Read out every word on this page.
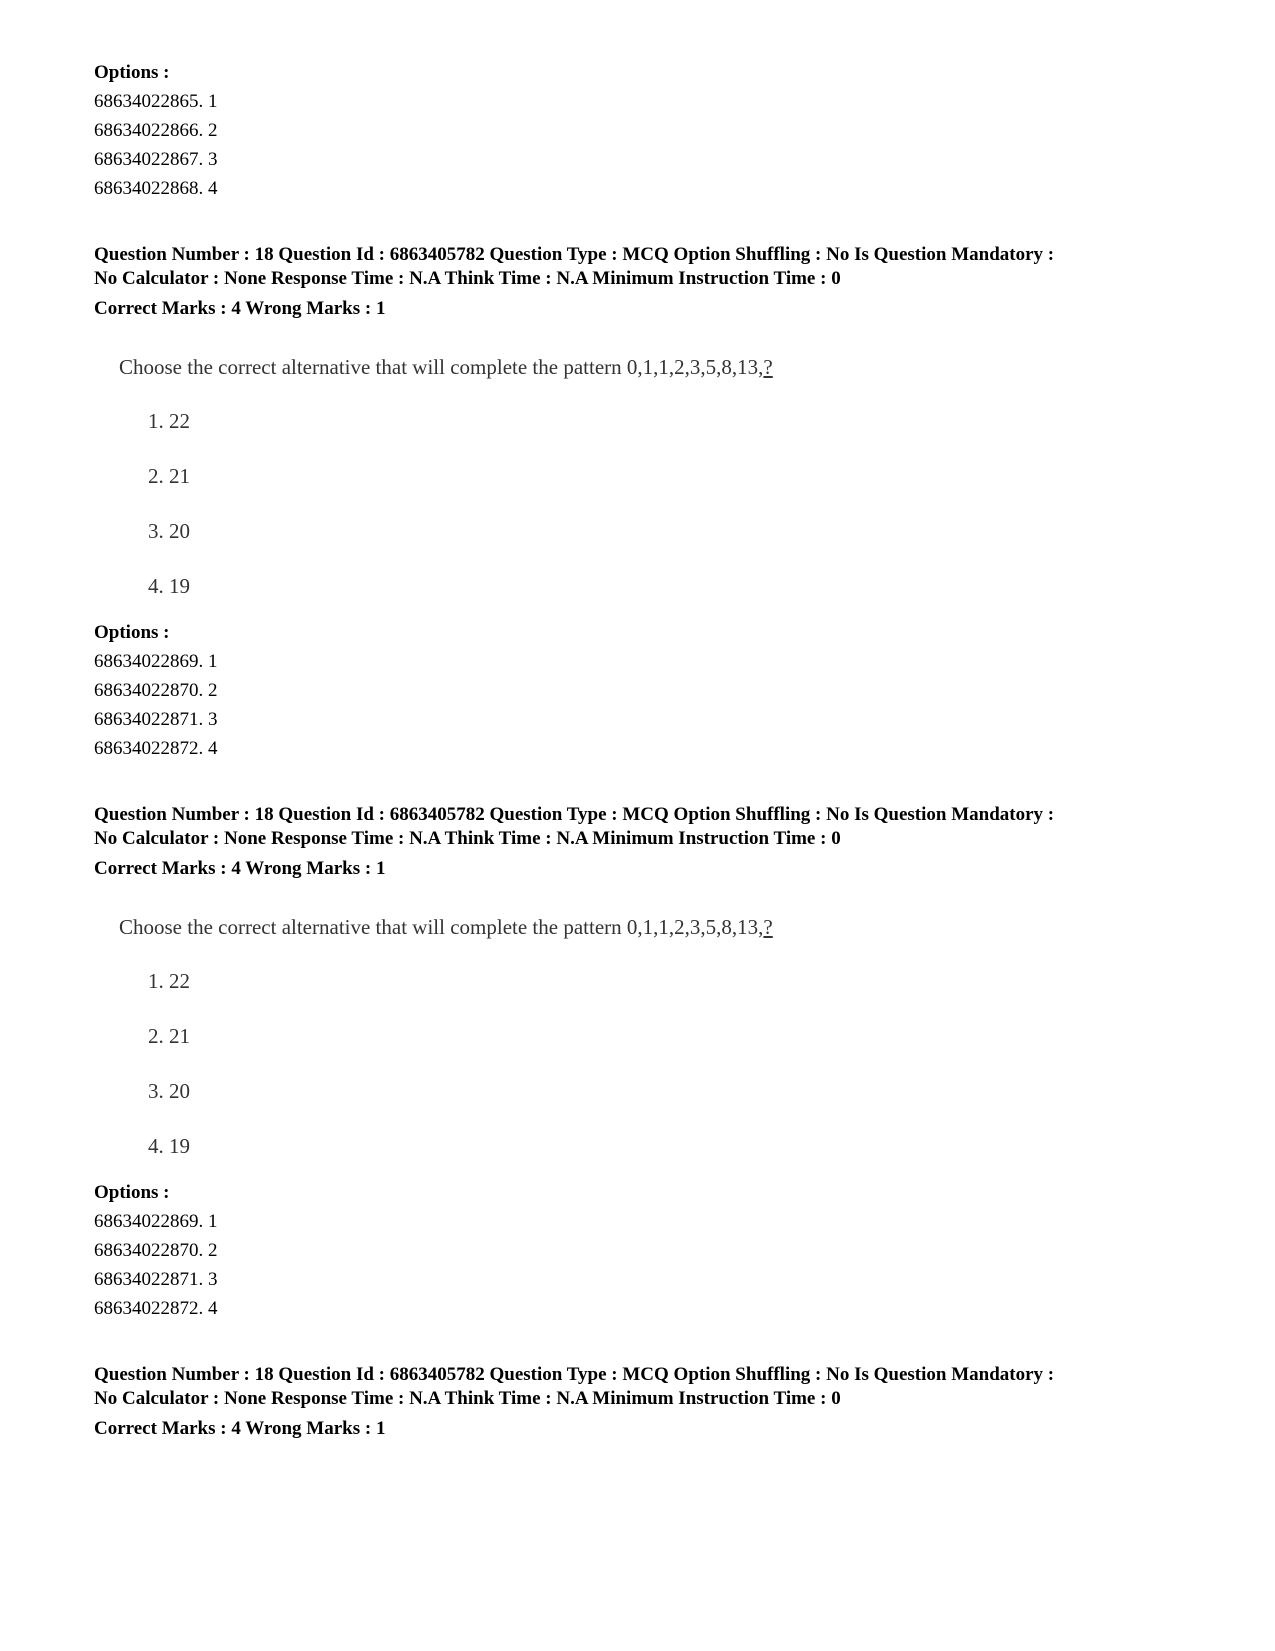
Options :
68634022865. 1
68634022866. 2
68634022867. 3
68634022868. 4
Question Number : 18 Question Id : 6863405782 Question Type : MCQ Option Shuffling : No Is Question Mandatory :
No Calculator : None Response Time : N.A Think Time : N.A Minimum Instruction Time : 0
Correct Marks : 4 Wrong Marks : 1
Choose the correct alternative that will complete the pattern 0,1,1,2,3,5,8,13,?
1. 22
2. 21
3. 20
4. 19
Options :
68634022869. 1
68634022870. 2
68634022871. 3
68634022872. 4
Question Number : 18 Question Id : 6863405782 Question Type : MCQ Option Shuffling : No Is Question Mandatory :
No Calculator : None Response Time : N.A Think Time : N.A Minimum Instruction Time : 0
Correct Marks : 4 Wrong Marks : 1
Choose the correct alternative that will complete the pattern 0,1,1,2,3,5,8,13,?
1. 22
2. 21
3. 20
4. 19
Options :
68634022869. 1
68634022870. 2
68634022871. 3
68634022872. 4
Question Number : 18 Question Id : 6863405782 Question Type : MCQ Option Shuffling : No Is Question Mandatory :
No Calculator : None Response Time : N.A Think Time : N.A Minimum Instruction Time : 0
Correct Marks : 4 Wrong Marks : 1
